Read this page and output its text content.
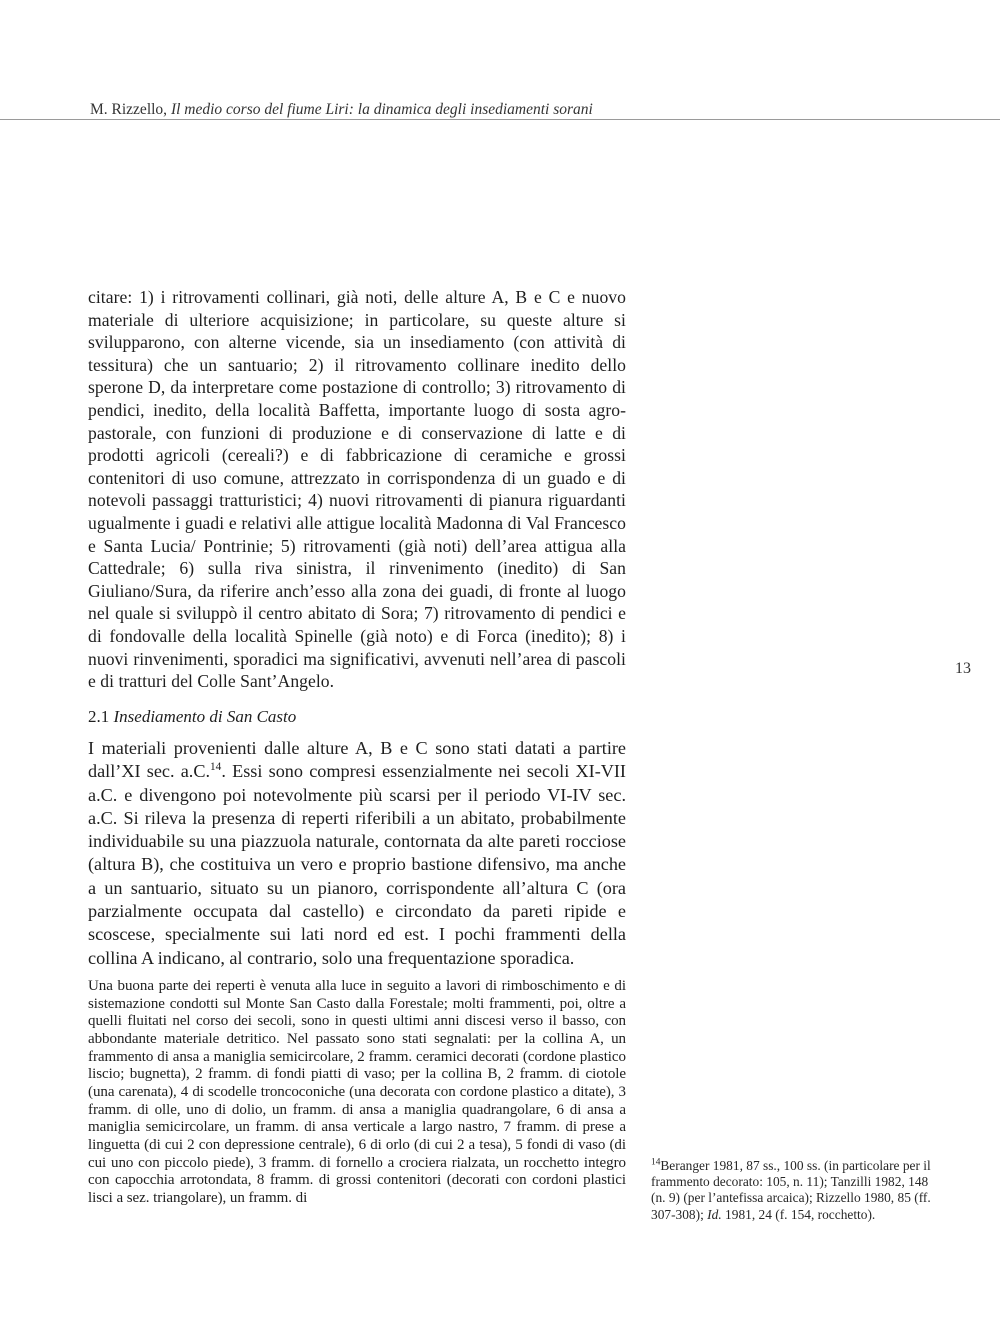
M. Rizzello, Il medio corso del fiume Liri: la dinamica degli insediamenti sorani
citare: 1) i ritrovamenti collinari, già noti, delle alture A, B e C e nuovo materiale di ulteriore acquisizione; in particolare, su queste alture si svilupparono, con alterne vicende, sia un insediamento (con attività di tessitura) che un santuario; 2) il ritrovamento collinare inedito dello sperone D, da interpretare come postazione di controllo; 3) ritrovamento di pendici, inedito, della località Baffetta, importante luogo di sosta agropastorale, con funzioni di produzione e di conservazione di latte e di prodotti agricoli (cereali?) e di fabbricazione di ceramiche e grossi contenitori di uso comune, attrezzato in corrispondenza di un guado e di notevoli passaggi tratturistici; 4) nuovi ritrovamenti di pianura riguardanti ugualmente i guadi e relativi alle attigue località Madonna di Val Francesco e Santa Lucia/ Pontrinie; 5) ritrovamenti (già noti) dell’area attigua alla Cattedrale; 6) sulla riva sinistra, il rinvenimento (inedito) di San Giuliano/Sura, da riferire anch’esso alla zona dei guadi, di fronte al luogo nel quale si sviluppò il centro abitato di Sora; 7) ritrovamento di pendici e di fondovalle della località Spinelle (già noto) e di Forca (inedito); 8) i nuovi rinvenimenti, sporadici ma significativi, avvenuti nell’area di pascoli e di tratturi del Colle Sant’Angelo.
13
2.1 Insediamento di San Casto
I materiali provenienti dalle alture A, B e C sono stati datati a partire dall’XI sec. a.C.$^{14}$. Essi sono compresi essenzialmente nei secoli XI-VII a.C. e divengono poi notevolmente più scarsi per il periodo VI-IV sec. a.C. Si rileva la presenza di reperti riferibili a un abitato, probabilmente individuabile su una piazzuola naturale, contornata da alte pareti rocciose (altura B), che costituiva un vero e proprio bastione difensivo, ma anche a un santuario, situato su un pianoro, corrispondente all’altura C (ora parzialmente occupata dal castello) e circondato da pareti ripide e scoscese, specialmente sui lati nord ed est. I pochi frammenti della collina A indicano, al contrario, solo una frequentazione sporadica.
Una buona parte dei reperti è venuta alla luce in seguito a lavori di rimboschimento e di sistemazione condotti sul Monte San Casto dalla Forestale; molti frammenti, poi, oltre a quelli fluitati nel corso dei secoli, sono in questi ultimi anni discesi verso il basso, con abbondante materiale detritico. Nel passato sono stati segnalati: per la collina A, un frammento di ansa a maniglia semicircolare, 2 framm. ceramici decorati (cordone plastico liscio; bugnetta), 2 framm. di fondi piatti di vaso; per la collina B, 2 framm. di ciotole (una carenata), 4 di scodelle troncoconiche (una decorata con cordone plastico a ditate), 3 framm. di olle, uno di dolio, un framm. di ansa a maniglia quadrangolare, 6 di ansa a maniglia semicircolare, un framm. di ansa verticale a largo nastro, 7 framm. di prese a linguetta (di cui 2 con depressione centrale), 6 di orlo (di cui 2 a tesa), 5 fondi di vaso (di cui uno con piccolo piede), 3 framm. di fornello a crociera rialzata, un rocchetto integro con capocchia arrotondata, 8 framm. di grossi contenitori (decorati con cordoni plastici lisci a sez. triangolare), un framm. di
$^{14}$Beranger 1981, 87 ss., 100 ss. (in particolare per il frammento decorato: 105, n. 11); Tanzilli 1982, 148 (n. 9) (per l’antefissa arcaica); Rizzello 1980, 85 (ff. 307-308); Id. 1981, 24 (f. 154, rocchetto).
